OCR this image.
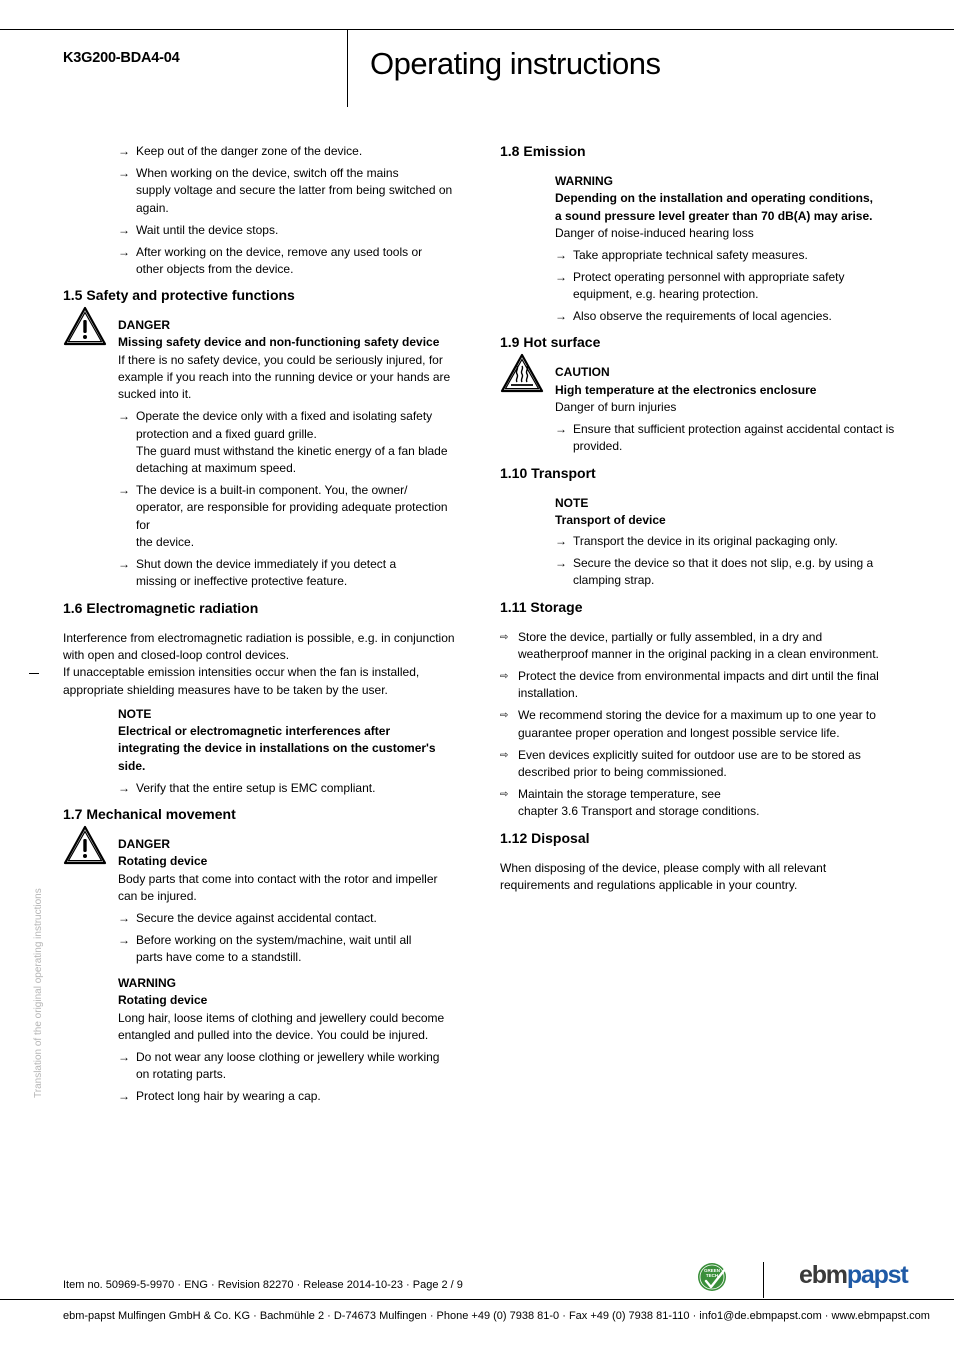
K3G200-BDA4-04	Operating instructions
Translation of the original operating instructions
→ Keep out of the danger zone of the device.
→ When working on the device, switch off the mains
supply voltage and secure the latter from being switched on
again.
→ Wait until the device stops.
→ After working on the device, remove any used tools or
other objects from the device.
1.5 Safety and protective functions
DANGER
Missing safety device and non-functioning safety device
If there is no safety device, you could be seriously injured, for
example if you reach into the running device or your hands are
sucked into it.
→ Operate the device only with a fixed and isolating safety
protection and a fixed guard grille.
The guard must withstand the kinetic energy of a fan blade
detaching at maximum speed.
→ The device is a built-in component. You, the owner/
operator, are responsible for providing adequate protection for
the device.
→ Shut down the device immediately if you detect a
missing or ineffective protective feature.
1.6 Electromagnetic radiation
Interference from electromagnetic radiation is possible, e.g. in conjunction
with open and closed-loop control devices.
If unacceptable emission intensities occur when the fan is installed,
appropriate shielding measures have to be taken by the user.
NOTE
Electrical or electromagnetic interferences after
integrating the device in installations on the customer's
side.
→ Verify that the entire setup is EMC compliant.
1.7 Mechanical movement
DANGER
Rotating device
Body parts that come into contact with the rotor and impeller
can be injured.
→ Secure the device against accidental contact.
→ Before working on the system/machine, wait until all
parts have come to a standstill.
WARNING
Rotating device
Long hair, loose items of clothing and jewellery could become
entangled and pulled into the device. You could be injured.
→ Do not wear any loose clothing or jewellery while working
on rotating parts.
→ Protect long hair by wearing a cap.
1.8 Emission
WARNING
Depending on the installation and operating conditions,
a sound pressure level greater than 70 dB(A) may arise.
Danger of noise-induced hearing loss
→ Take appropriate technical safety measures.
→ Protect operating personnel with appropriate safety
equipment, e.g. hearing protection.
→ Also observe the requirements of local agencies.
1.9 Hot surface
CAUTION
High temperature at the electronics enclosure
Danger of burn injuries
→ Ensure that sufficient protection against accidental contact is
provided.
1.10 Transport
NOTE
Transport of device
→ Transport the device in its original packaging only.
→ Secure the device so that it does not slip, e.g. by using a
clamping strap.
1.11 Storage
⇨ Store the device, partially or fully assembled, in a dry and
weatherproof manner in the original packing in a clean environment.
⇨ Protect the device from environmental impacts and dirt until the final
installation.
⇨ We recommend storing the device for a maximum up to one year to
guarantee proper operation and longest possible service life.
⇨ Even devices explicitly suited for outdoor use are to be stored as
described prior to being commissioned.
⇨ Maintain the storage temperature, see
chapter 3.6 Transport and storage conditions.
1.12 Disposal
When disposing of the device, please comply with all relevant
requirements and regulations applicable in your country.
Item no. 50969-5-9970 · ENG · Revision 82270 · Release 2014-10-23 · Page 2 / 9
GREEN
TECH	ebmpapst
ebm-papst Mulfingen GmbH & Co. KG · Bachmühle 2 · D-74673 Mulfingen · Phone +49 (0) 7938 81-0 · Fax +49 (0) 7938 81-110 · info1@de.ebmpapst.com · www.ebmpapst.com
